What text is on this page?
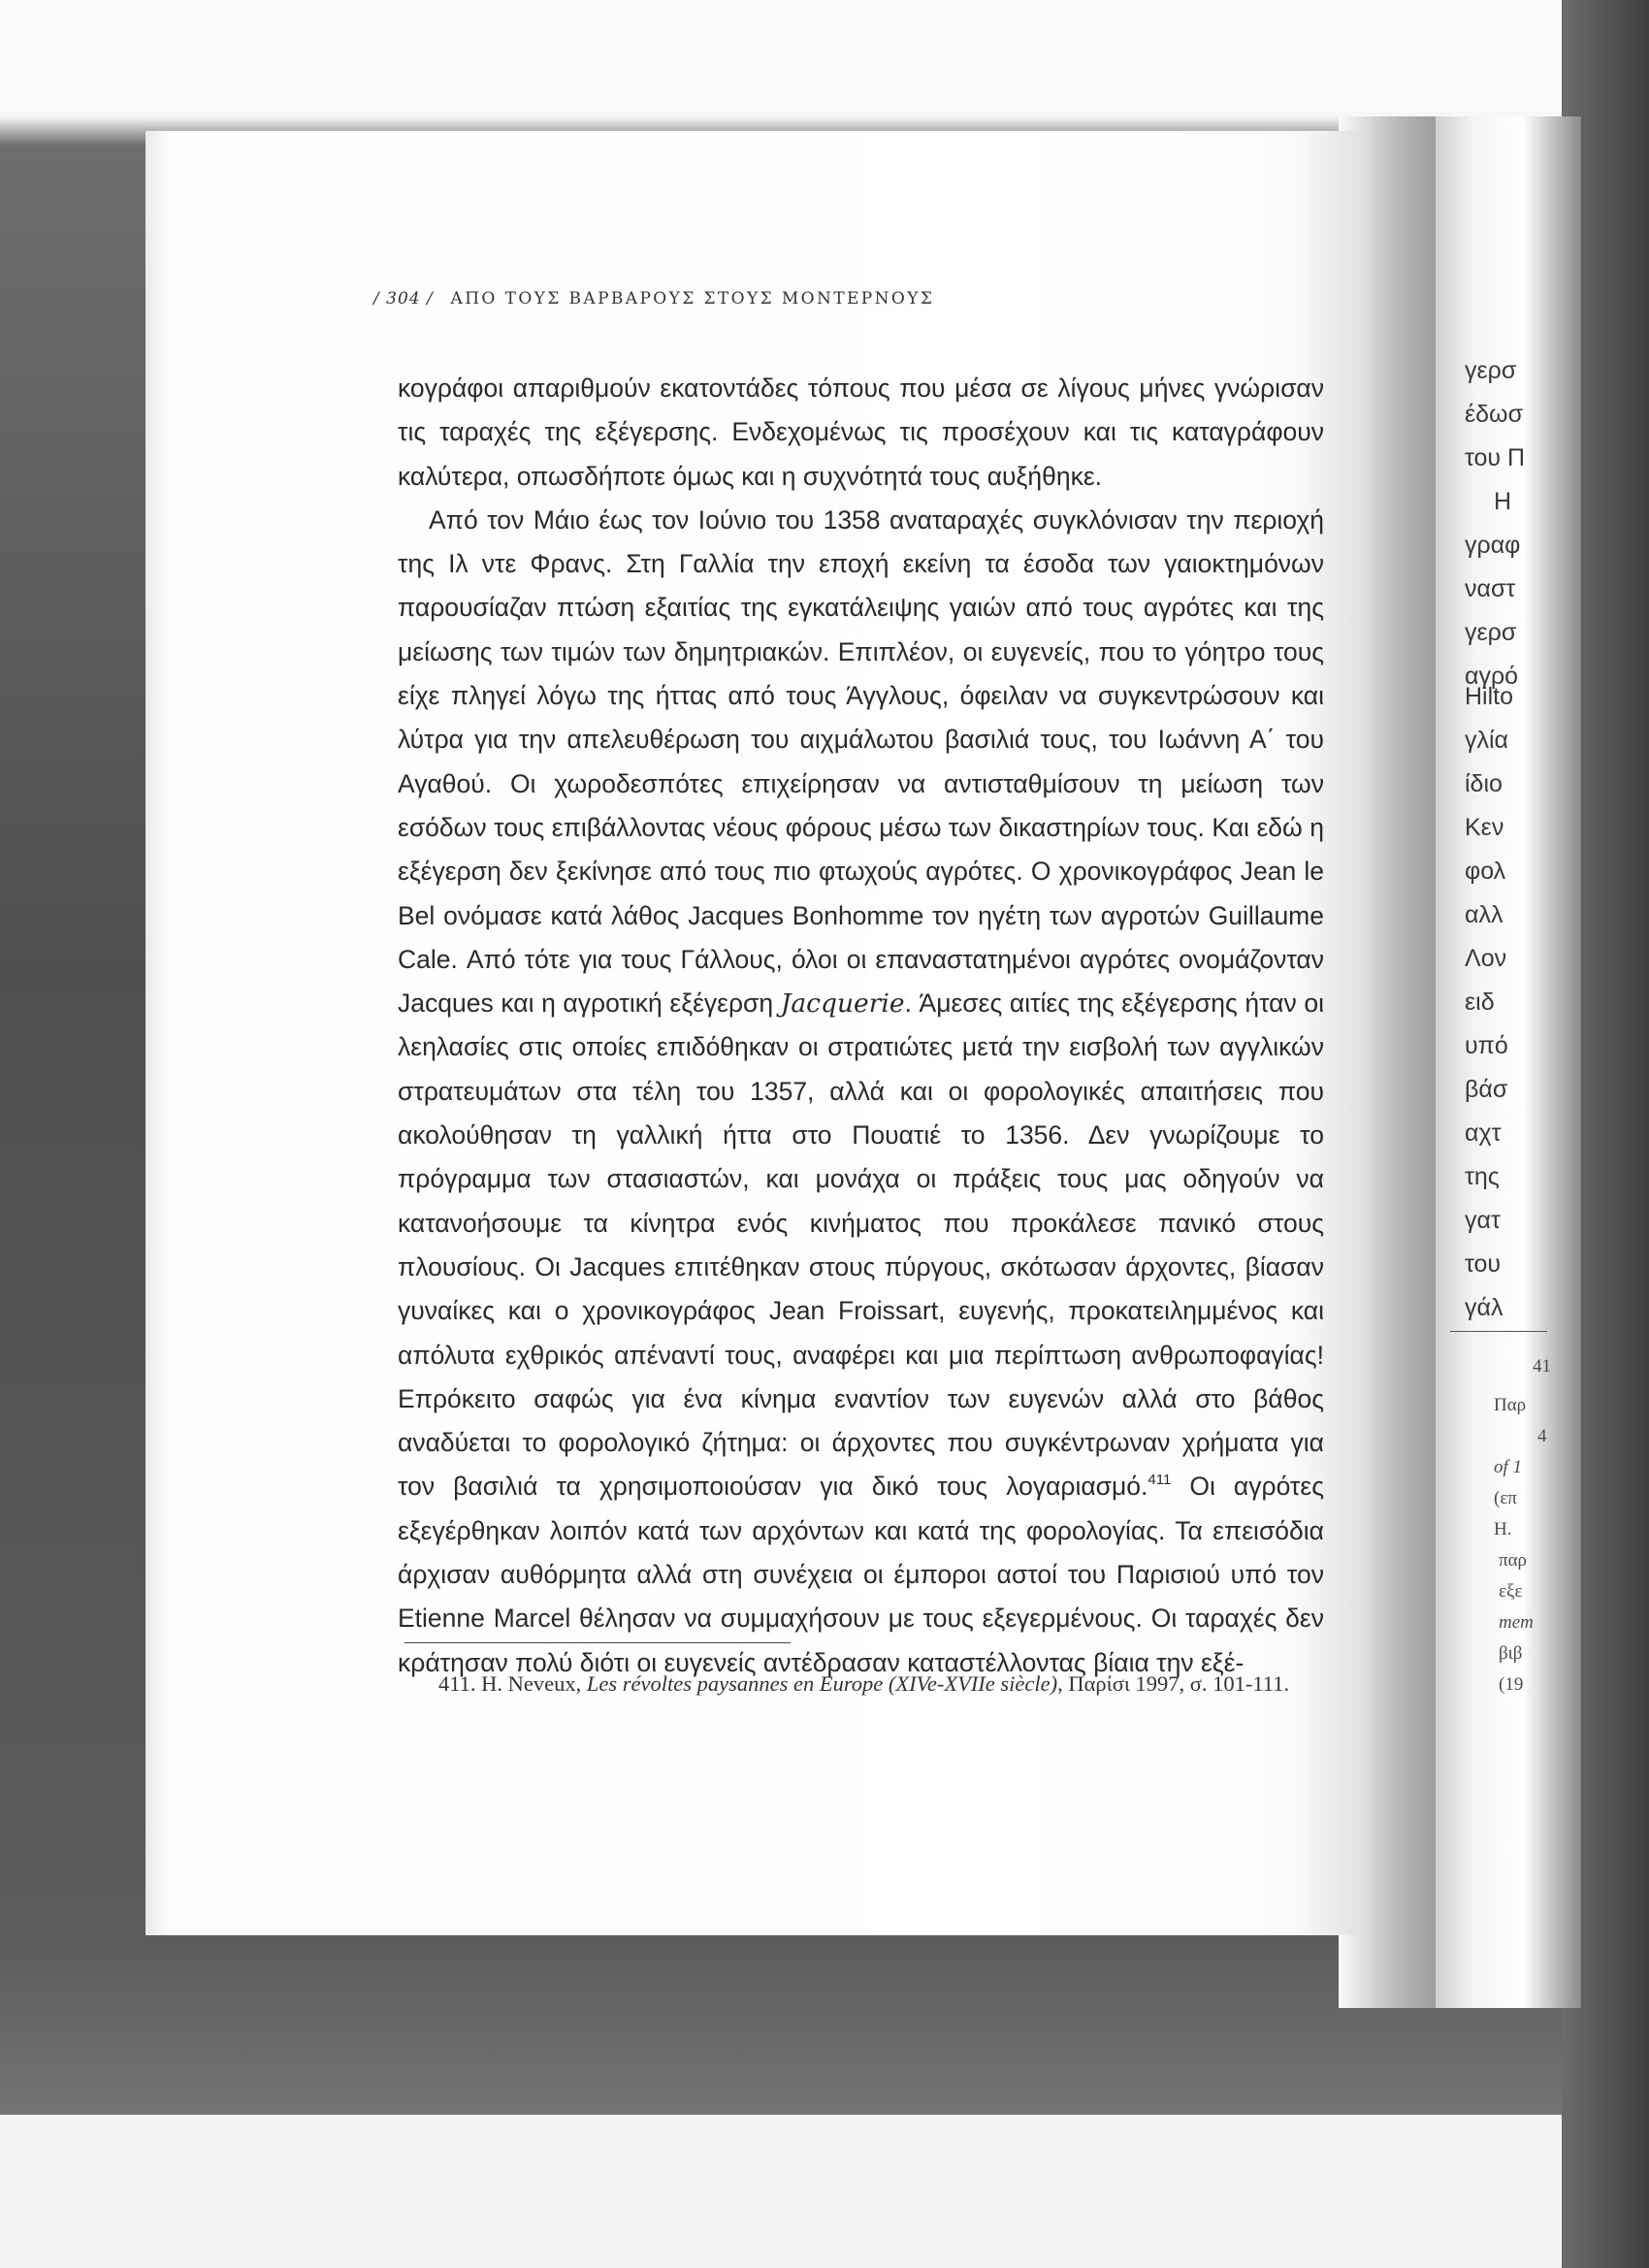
/ 304 / ΑΠΟ ΤΟΥΣ ΒΑΡΒΑΡΟΥΣ ΣΤΟΥΣ ΜΟΝΤΕΡΝΟΥΣ

κογράφοι απαριθμούν εκατοντάδες τόπους που μέσα σε λίγους μήνες γνώρισαν τις ταραχές της εξέγερσης. Ενδεχομένως τις προσέχουν και τις καταγράφουν καλύτερα, οπωσδήποτε όμως και η συχνότητά τους αυξήθηκε.

Από τον Μάιο έως τον Ιούνιο του 1358 αναταραχές συγκλόνισαν την περιοχή της Ιλ ντε Φρανς. Στη Γαλλία την εποχή εκείνη τα έσοδα των γαιοκτημόνων παρουσίαζαν πτώση εξαιτίας της εγκατάλειψης γαιών από τους αγρότες και της μείωσης των τιμών των δημητριακών. Επιπλέον, οι ευγενείς, που το γόητρο τους είχε πληγεί λόγω της ήττας από τους Άγγλους, όφειλαν να συγκεντρώσουν και λύτρα για την απελευθέρωση του αιχμάλωτου βασιλιά τους, του Ιωάννη Α΄ του Αγαθού. Οι χωροδεσπότες επιχείρησαν να αντισταθμίσουν τη μείωση των εσόδων τους επιβάλλοντας νέους φόρους μέσω των δικαστηρίων τους. Και εδώ η εξέγερση δεν ξεκίνησε από τους πιο φτωχούς αγρότες. Ο χρονικογράφος Jean le Bel ονόμασε κατά λάθος Jacques Bonhomme τον ηγέτη των αγροτών Guillaume Cale. Από τότε για τους Γάλλους, όλοι οι επαναστατημένοι αγρότες ονομάζονταν Jacques και η αγροτική εξέγερση Jacquerie. Άμεσες αιτίες της εξέγερσης ήταν οι λεηλασίες στις οποίες επιδόθηκαν οι στρατιώτες μετά την εισβολή των αγγλικών στρατευμάτων στα τέλη του 1357, αλλά και οι φορολογικές απαιτήσεις που ακολούθησαν τη γαλλική ήττα στο Πουατιέ το 1356. Δεν γνωρίζουμε το πρόγραμμα των στασιαστών, και μονάχα οι πράξεις τους μας οδηγούν να κατανοήσουμε τα κίνητρα ενός κινήματος που προκάλεσε πανικό στους πλουσίους. Οι Jacques επιτέθηκαν στους πύργους, σκότωσαν άρχοντες, βίασαν γυναίκες και ο χρονικογράφος Jean Froissart, ευγενής, προκατειλημμένος και απόλυτα εχθρικός απέναντί τους, αναφέρει και μια περίπτωση ανθρωποφαγίας! Επρόκειτο σαφώς για ένα κίνημα εναντίον των ευγενών αλλά στο βάθος αναδύεται το φορολογικό ζήτημα: οι άρχοντες που συγκέντρωναν χρήματα για τον βασιλιά τα χρησιμοποιούσαν για δικό τους λογαριασμό.$^{411}$ Οι αγρότες εξεγέρθηκαν λοιπόν κατά των αρχόντων και κατά της φορολογίας. Τα επεισόδια άρχισαν αυθόρμητα αλλά στη συνέχεια οι έμποροι αστοί του Παρισιού υπό τον Etienne Marcel θέλησαν να συμμαχήσουν με τους εξεγερμένους. Οι ταραχές δεν κράτησαν πολύ διότι οι ευγενείς αντέδρασαν καταστέλλοντας βίαια την εξέ-

411. H. Neveux, Les révoltes paysannes en Europe (XIVe-XVIIe siècle), Παρίσι 1997, σ. 101-111.
γερσ
έδωσ
του Π
Η
γραφ
ναστ
γερσ
αγρό
Hilto
γλία
ίδιο
Κεν
φολ
αλλ
Λον
ειδ
υπό
βάσ
αχτ
της
γατ
του
γάλ
41
Παρ
4
of 1
(επ
H.
παρ
εξε
mem
βιβ
(19
